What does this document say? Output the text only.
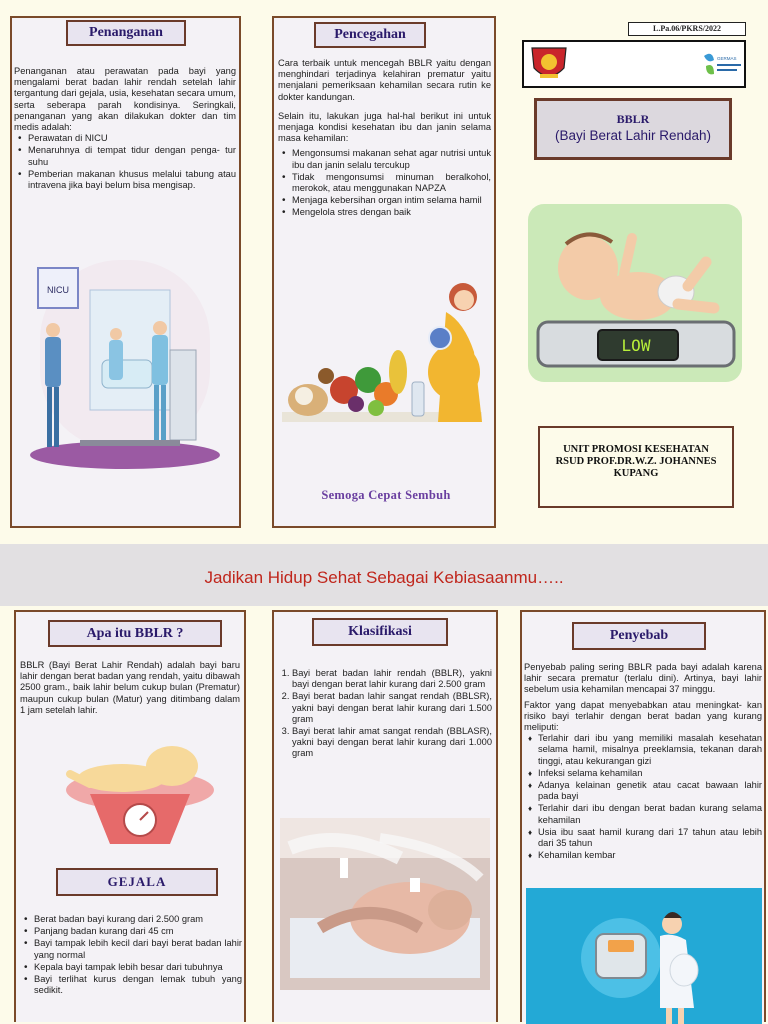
Penanganan

Penanganan atau perawatan pada bayi yang mengalami berat badan lahir rendah setelah lahir tergantung dari gejala, usia, kesehatan secara umum, serta seberapa parah kondisinya. Seringkali, penanganan yang akan dilakukan dokter dan tim medis adalah:

• Perawatan di NICU
• Menaruhnya di tempat tidur dengan penga- tur suhu
• Pemberian makanan khusus melalui tabung atau intravena jika bayi belum bisa mengisap.
NICU
Pencegahan

Cara terbaik untuk mencegah BBLR yaitu dengan menghindari terjadinya kelahiran prematur yaitu menjalani pemeriksaan kehamilan secara rutin ke dokter kandungan.

Selain itu, lakukan juga hal-hal berikut ini untuk menjaga kondisi kesehatan ibu dan janin selama masa kehamilan:

• Mengonsumsi makanan sehat agar nutrisi untuk ibu dan janin selalu tercukup
• Tidak mengonsumsi minuman beralkohol, merokok, atau menggunakan NAPZA
• Menjaga kebersihan organ intim selama hamil
• Mengelola stres dengan baik
Semoga Cepat Sembuh
L.Pa.06/PKRS/2022
GERMAS
BBLR
(Bayi Berat Lahir Rendah)
LOW
UNIT PROMOSI KESEHATAN
RSUD PROF.DR.W.Z. JOHANNES
KUPANG
Jadikan Hidup Sehat Sebagai Kebiasaanmu…..
Apa itu BBLR ?

BBLR (Bayi Berat Lahir Rendah) adalah bayi baru lahir dengan berat badan yang rendah, yaitu dibawah 2500 gram., baik lahir belum cukup bulan (Prematur) maupun cukup bulan (Matur) yang ditimbang dalam 1 jam setelah lahir.

GEJALA
• Berat badan bayi kurang dari 2.500 gram
• Panjang badan kurang dari 45 cm
• Bayi tampak lebih kecil dari bayi berat badan lahir yang normal
• Kepala bayi tampak lebih besar dari tubuhnya
• Bayi terlihat kurus dengan lemak tubuh yang sedikit.
Klasifikasi
1. Bayi berat badan lahir rendah (BBLR), yakni bayi dengan berat lahir kurang dari 2.500 gram
2. Bayi berat badan lahir sangat rendah (BBLSR), yakni bayi dengan berat lahir kurang dari 1.500 gram
3. Bayi berat lahir amat sangat rendah (BBLASR), yakni bayi dengan berat lahir kurang dari 1.000 gram
Penyebab

Penyebab paling sering BBLR pada bayi adalah karena lahir secara prematur (terlalu dini). Artinya, bayi lahir sebelum usia kehamilan mencapai 37 minggu.

Faktor yang dapat menyebabkan atau meningkat- kan risiko bayi terlahir dengan berat badan yang kurang meliputi:

♦ Terlahir dari ibu yang memiliki masalah kesehatan selama hamil, misalnya preeklamsia, tekanan darah tinggi, atau kekurangan gizi
♦ Infeksi selama kehamilan
♦ Adanya kelainan genetik atau cacat bawaan lahir pada bayi
♦ Terlahir dari ibu dengan berat badan kurang selama kehamilan
♦ Usia ibu saat hamil kurang dari 17 tahun atau lebih dari 35 tahun
♦ Kehamilan kembar
